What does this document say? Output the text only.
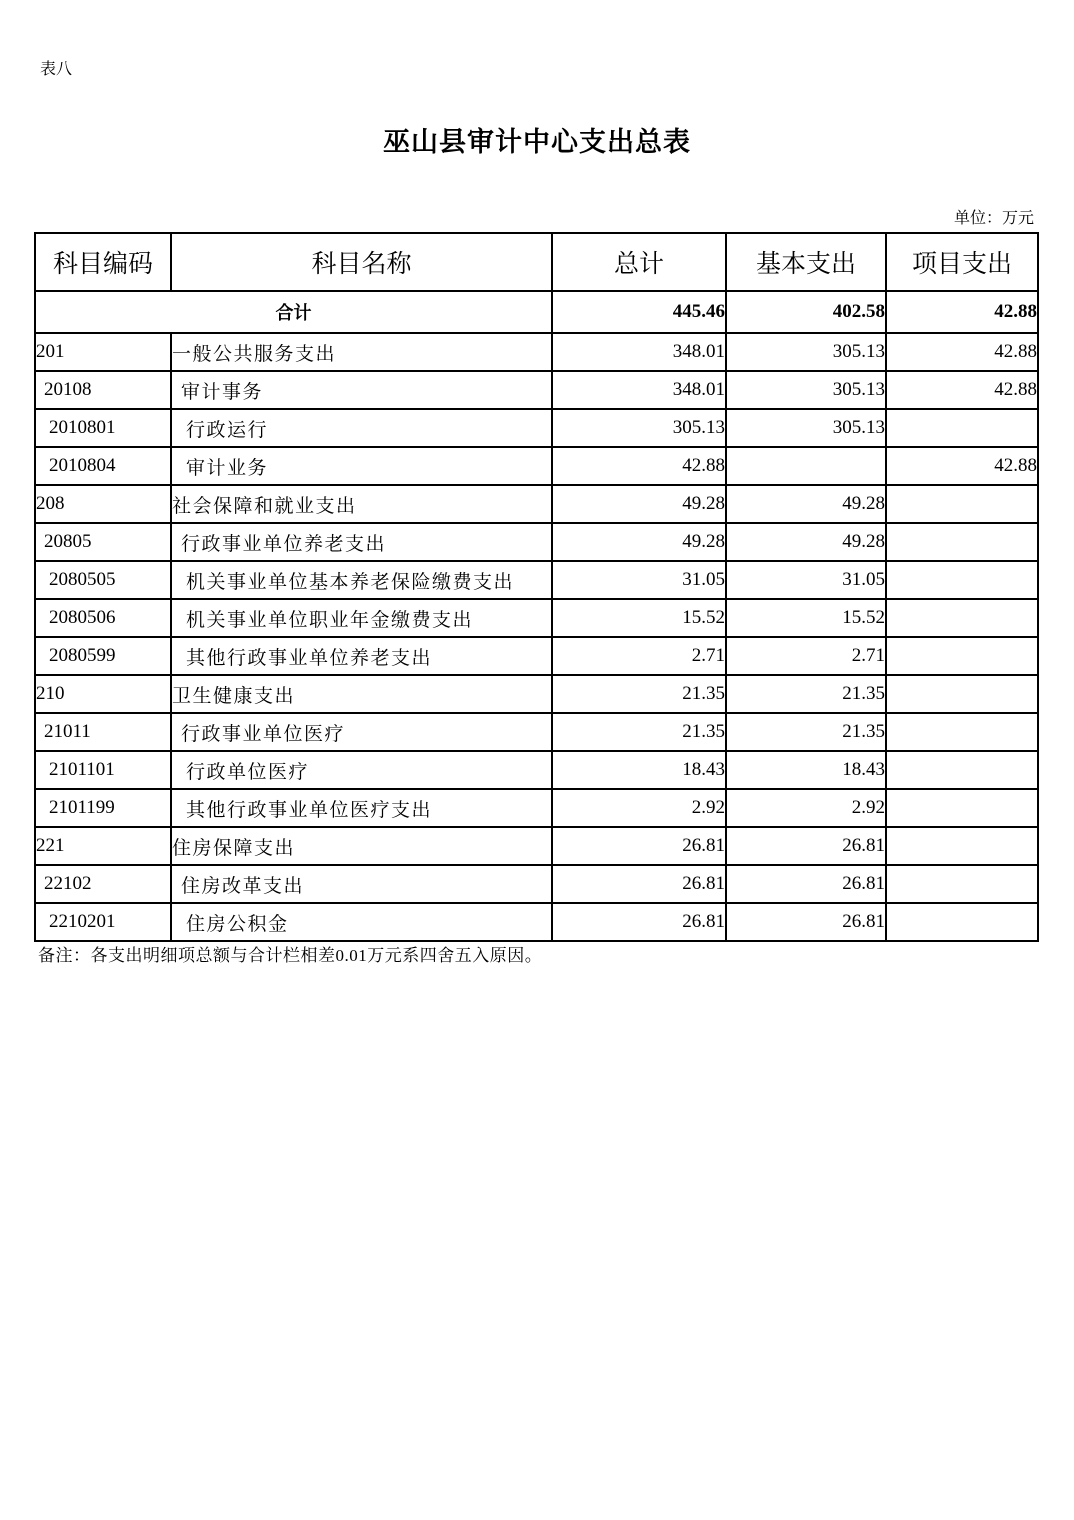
表八
巫山县审计中心支出总表
单位：万元
科目编码	科目名称	总计	基本支出	项目支出
合计		445.46	402.58	42.88
201	一般公共服务支出	348.01	305.13	42.88
20108	审计事务	348.01	305.13	42.88
2010801	行政运行	305.13	305.13	
2010804	审计业务	42.88		42.88
208	社会保障和就业支出	49.28	49.28	
20805	行政事业单位养老支出	49.28	49.28	
2080505	机关事业单位基本养老保险缴费支出	31.05	31.05	
2080506	机关事业单位职业年金缴费支出	15.52	15.52	
2080599	其他行政事业单位养老支出	2.71	2.71	
210	卫生健康支出	21.35	21.35	
21011	行政事业单位医疗	21.35	21.35	
2101101	行政单位医疗	18.43	18.43	
2101199	其他行政事业单位医疗支出	2.92	2.92	
221	住房保障支出	26.81	26.81	
22102	住房改革支出	26.81	26.81	
2210201	住房公积金	26.81	26.81	
备注：各支出明细项总额与合计栏相差0.01万元系四舍五入原因。
